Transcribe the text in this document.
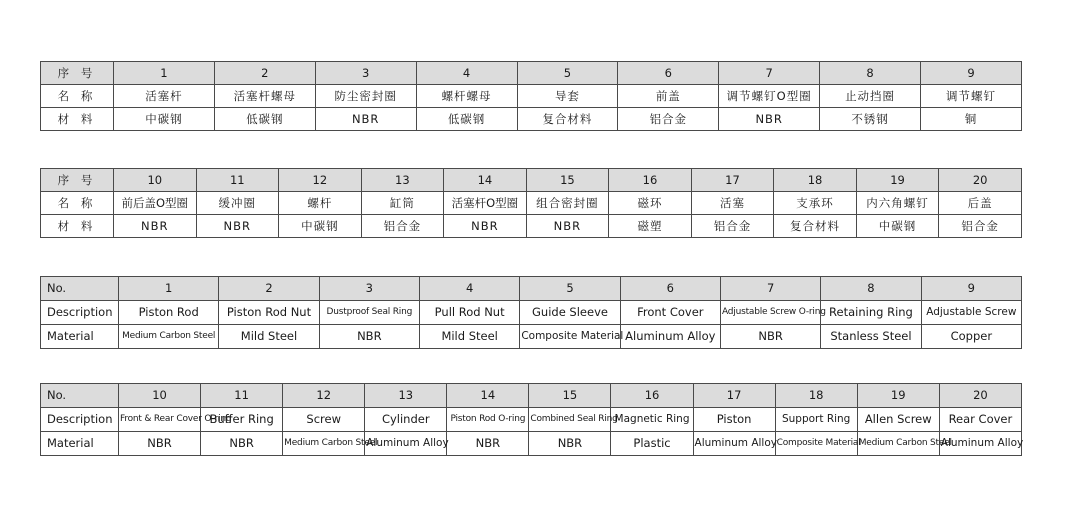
序 号	1	2	3	4	5	6	7	8	9
名 称	活塞杆	活塞杆螺母	防尘密封圈	螺杆螺母	导套	前盖	调节螺钉O型圈	止动挡圈	调节螺钉
材 料	中碳钢	低碳钢	NBR	低碳钢	复合材料	铝合金	NBR	不锈钢	铜
序 号	10	11	12	13	14	15	16	17	18	19	20
名 称	前后盖O型圈	缓冲圈	螺杆	缸筒	活塞杆O型圈	组合密封圈	磁环	活塞	支承环	内六角螺钉	后盖
材 料	NBR	NBR	中碳钢	铝合金	NBR	NBR	磁塑	铝合金	复合材料	中碳钢	铝合金
No.	1	2	3	4	5	6	7	8	9
Description	Piston Rod	Piston Rod Nut	Dustproof Seal Ring	Pull Rod Nut	Guide Sleeve	Front Cover	Adjustable Screw O-ring	Retaining Ring	Adjustable Screw
Material	Medium Carbon Steel	Mild Steel	NBR	Mild Steel	Composite Material	Aluminum Alloy	NBR	Stanless Steel	Copper
No.	10	11	12	13	14	15	16	17	18	19	20
Description	Front & Rear Cover O-ring	Buffer Ring	Screw	Cylinder	Piston Rod O-ring	Combined Seal Ring	Magnetic Ring	Piston	Support Ring	Allen Screw	Rear Cover
Material	NBR	NBR	Medium Carbon Steel	Aluminum Alloy	NBR	NBR	Plastic	Aluminum Alloy	Composite Material	Medium Carbon Steel	Aluminum Alloy
